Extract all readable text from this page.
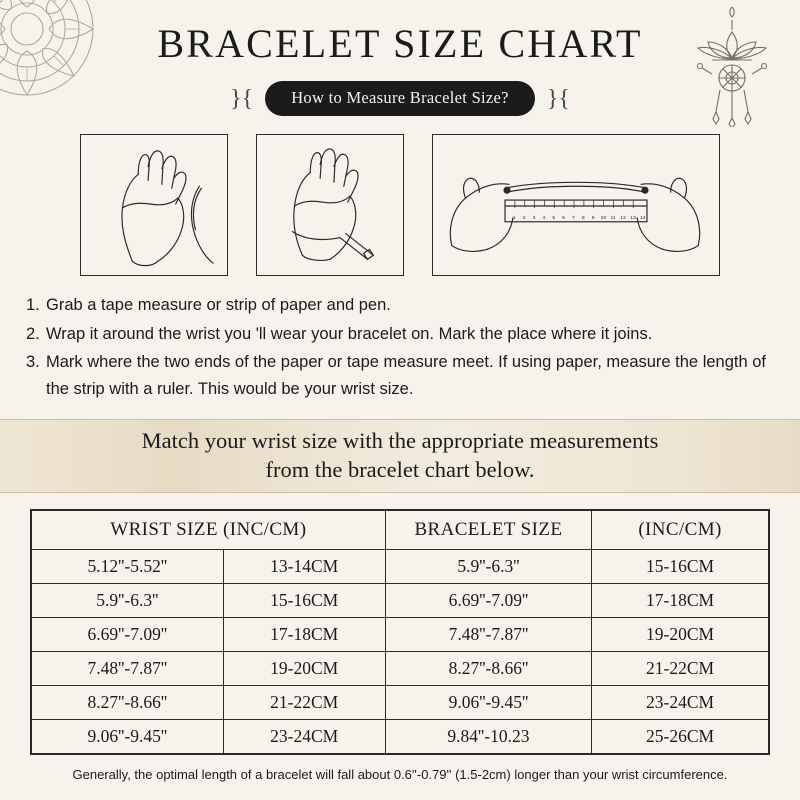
BRACELET SIZE CHART
}{	How to Measure Bracelet Size?	}{
1 2 3 4 5 6 7 8 9 10 11 12 13 14
1. Grab a tape measure or strip of paper and pen.
2. Wrap it around the wrist you 'll wear your bracelet on. Mark the place where it joins.
3. Mark where the two ends of the paper or tape measure meet. If using paper, measure the length of the strip with a ruler. This would be your wrist size.
Match your wrist size with the appropriate measurements
from the bracelet chart below.
WRIST SIZE (INC/CM)		BRACELET SIZE	(INC/CM)
5.12''-5.52''	13-14CM	5.9''-6.3''	15-16CM
5.9''-6.3''	15-16CM	6.69''-7.09''	17-18CM
6.69''-7.09''	17-18CM	7.48''-7.87''	19-20CM
7.48''-7.87''	19-20CM	8.27''-8.66''	21-22CM
8.27''-8.66''	21-22CM	9.06''-9.45''	23-24CM
9.06''-9.45''	23-24CM	9.84''-10.23	25-26CM
Generally, the optimal length of a bracelet will fall about 0.6''-0.79'' (1.5-2cm) longer than your wrist circumference.
